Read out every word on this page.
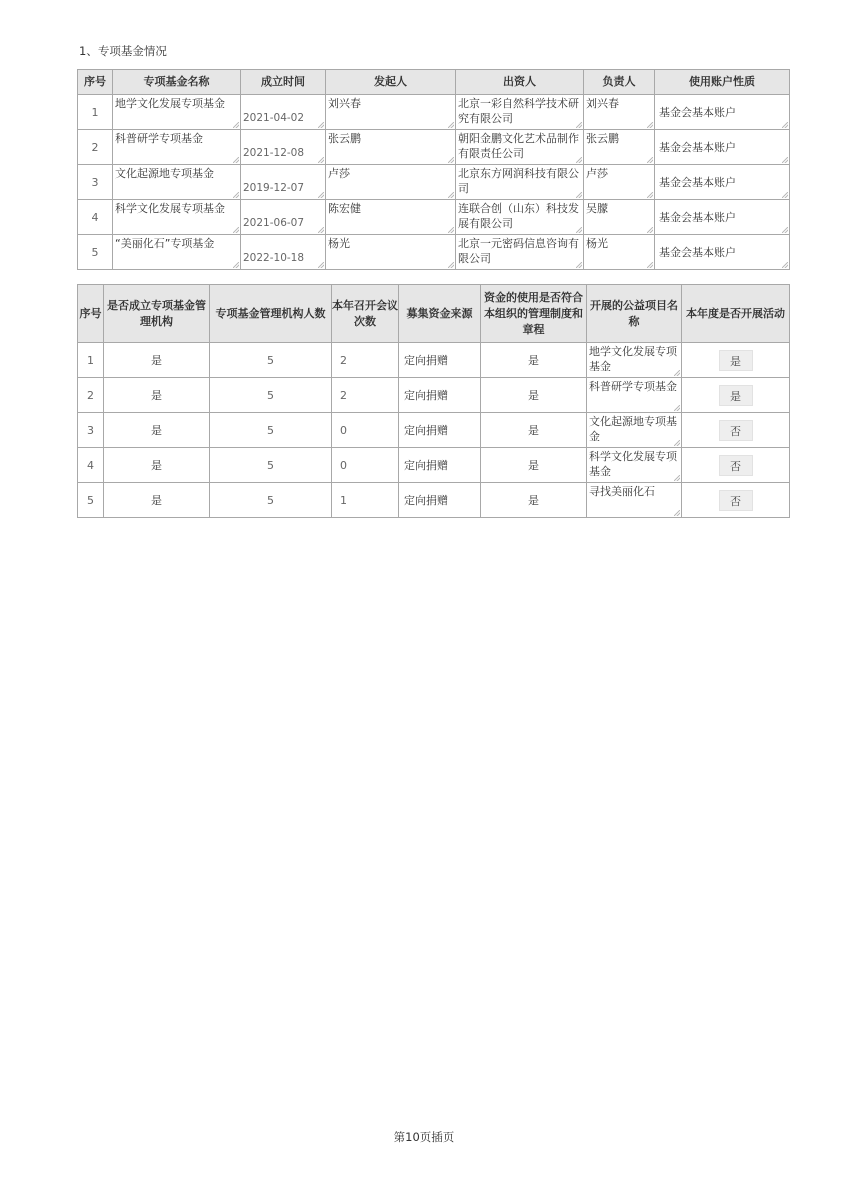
1、专项基金情况
序号	专项基金名称	成立时间	发起人	出资人	负责人	使用账户性质
1	地学文化发展专项基金	2021-04-02	刘兴春	北京一彩自然科学技术研究有限公司	刘兴春	基金会基本账户

2	科普研学专项基金	2021-12-08	张云鹏	朝阳金鹏文化艺术品制作有限责任公司	张云鹏	基金会基本账户

3	文化起源地专项基金	2019-12-07	卢莎	北京东方网润科技有限公司	卢莎	基金会基本账户

4	科学文化发展专项基金	2021-06-07	陈宏健	连联合创（山东）科技发展有限公司	吴朦	基金会基本账户

5	“美丽化石”专项基金	2022-10-18	杨光	北京一元密码信息咨询有限公司	杨光	基金会基本账户
序号	是否成立专项基金管理机构	专项基金管理机构人数	本年召开会议次数	募集资金来源	资金的使用是否符合本组织的管理制度和章程	开展的公益项目名称	本年度是否开展活动
1	是	5	2	定向捐赠	是	地学文化发展专项基金	是
2	是	5	2	定向捐赠	是	科普研学专项基金	是
3	是	5	0	定向捐赠	是	文化起源地专项基金	否
4	是	5	0	定向捐赠	是	科学文化发展专项基金	否
5	是	5	1	定向捐赠	是	寻找美丽化石	否
第10页插页
